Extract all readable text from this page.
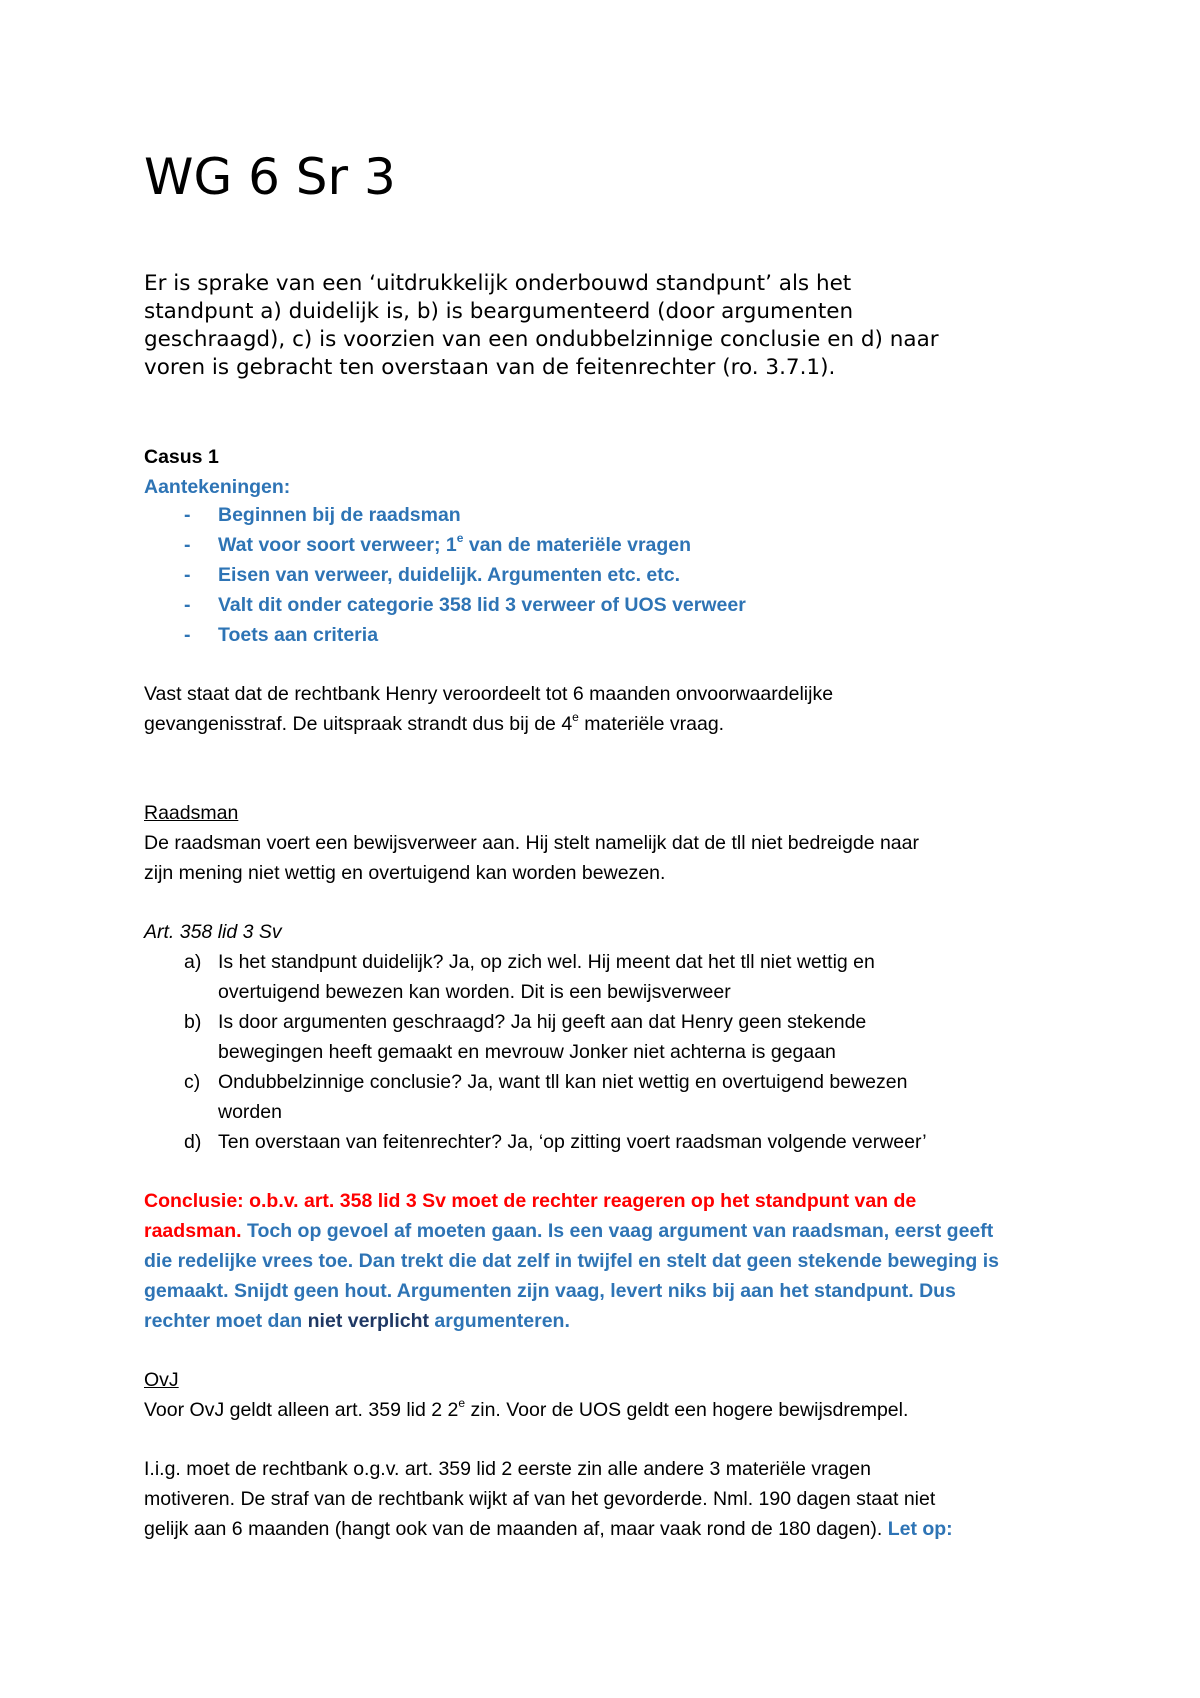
WG 6 Sr 3
Er is sprake van een ‘uitdrukkelijk onderbouwd standpunt’ als het
standpunt a) duidelijk is, b) is beargumenteerd (door argumenten
geschraagd), c) is voorzien van een ondubbelzinnige conclusie en d) naar
voren is gebracht ten overstaan van de feitenrechter (ro. 3.7.1).
Casus 1
Aantekeningen:
- Beginnen bij de raadsman
- Wat voor soort verweer; 1e van de materiële vragen
- Eisen van verweer, duidelijk. Argumenten etc. etc.
- Valt dit onder categorie 358 lid 3 verweer of UOS verweer
- Toets aan criteria
Vast staat dat de rechtbank Henry veroordeelt tot 6 maanden onvoorwaardelijke
gevangenisstraf. De uitspraak strandt dus bij de 4e materiële vraag.
Raadsman
De raadsman voert een bewijsverweer aan. Hij stelt namelijk dat de tll niet bedreigde naar
zijn mening niet wettig en overtuigend kan worden bewezen.
Art. 358 lid 3 Sv
a) Is het standpunt duidelijk? Ja, op zich wel. Hij meent dat het tll niet wettig en
overtuigend bewezen kan worden. Dit is een bewijsverweer
b) Is door argumenten geschraagd? Ja hij geeft aan dat Henry geen stekende
bewegingen heeft gemaakt en mevrouw Jonker niet achterna is gegaan
c) Ondubbelzinnige conclusie? Ja, want tll kan niet wettig en overtuigend bewezen
worden
d) Ten overstaan van feitenrechter? Ja, ‘op zitting voert raadsman volgende verweer’
Conclusie: o.b.v. art. 358 lid 3 Sv moet de rechter reageren op het standpunt van de
raadsman. Toch op gevoel af moeten gaan. Is een vaag argument van raadsman, eerst geeft
die redelijke vrees toe. Dan trekt die dat zelf in twijfel en stelt dat geen stekende beweging is
gemaakt. Snijdt geen hout. Argumenten zijn vaag, levert niks bij aan het standpunt. Dus
rechter moet dan niet verplicht argumenteren.
OvJ
Voor OvJ geldt alleen art. 359 lid 2 2e zin. Voor de UOS geldt een hogere bewijsdrempel.
I.i.g. moet de rechtbank o.g.v. art. 359 lid 2 eerste zin alle andere 3 materiële vragen
motiveren. De straf van de rechtbank wijkt af van het gevorderde. Nml. 190 dagen staat niet
gelijk aan 6 maanden (hangt ook van de maanden af, maar vaak rond de 180 dagen). Let op:
